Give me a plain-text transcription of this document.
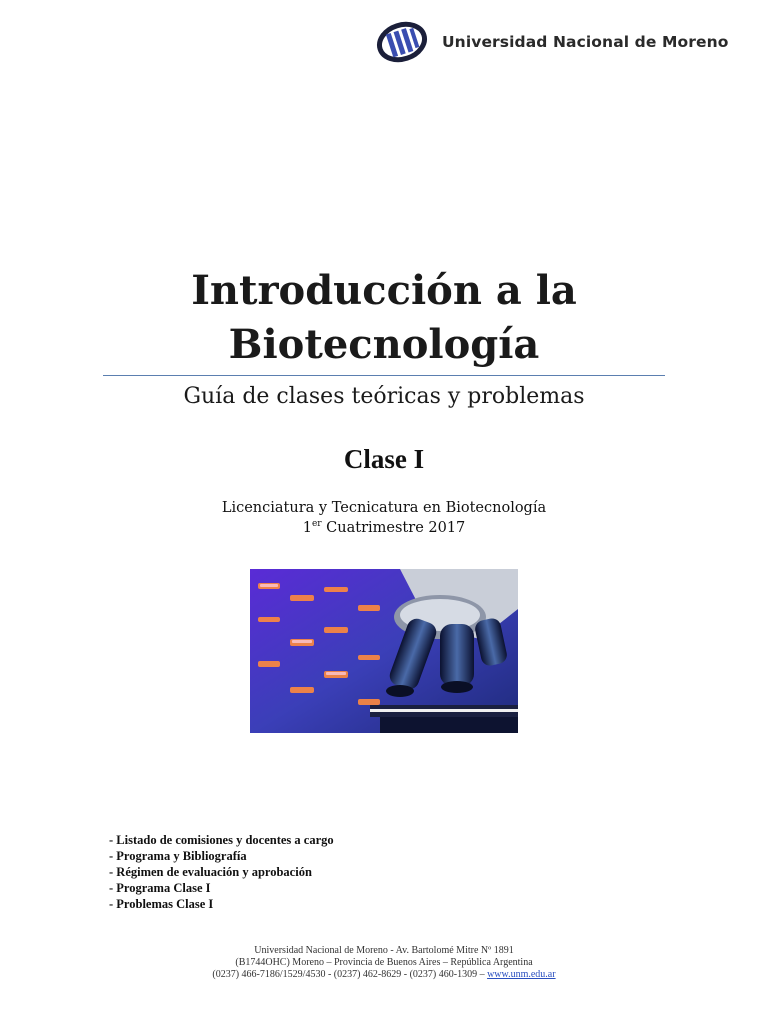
Universidad Nacional de Moreno
Introducción a la
Biotecnología
Guía de clases teóricas y problemas
Clase I
Licenciatura y Tecnicatura en Biotecnología
1er Cuatrimestre 2017
- Listado de comisiones y docentes a cargo
- Programa y Bibliografía
- Régimen de evaluación y aprobación
- Programa Clase I
- Problemas Clase I
Universidad Nacional de Moreno - Av. Bartolomé Mitre Nº 1891
(B1744OHC) Moreno – Provincia de Buenos Aires – República Argentina
(0237) 466-7186/1529/4530 - (0237) 462-8629 - (0237) 460-1309 – www.unm.edu.ar
